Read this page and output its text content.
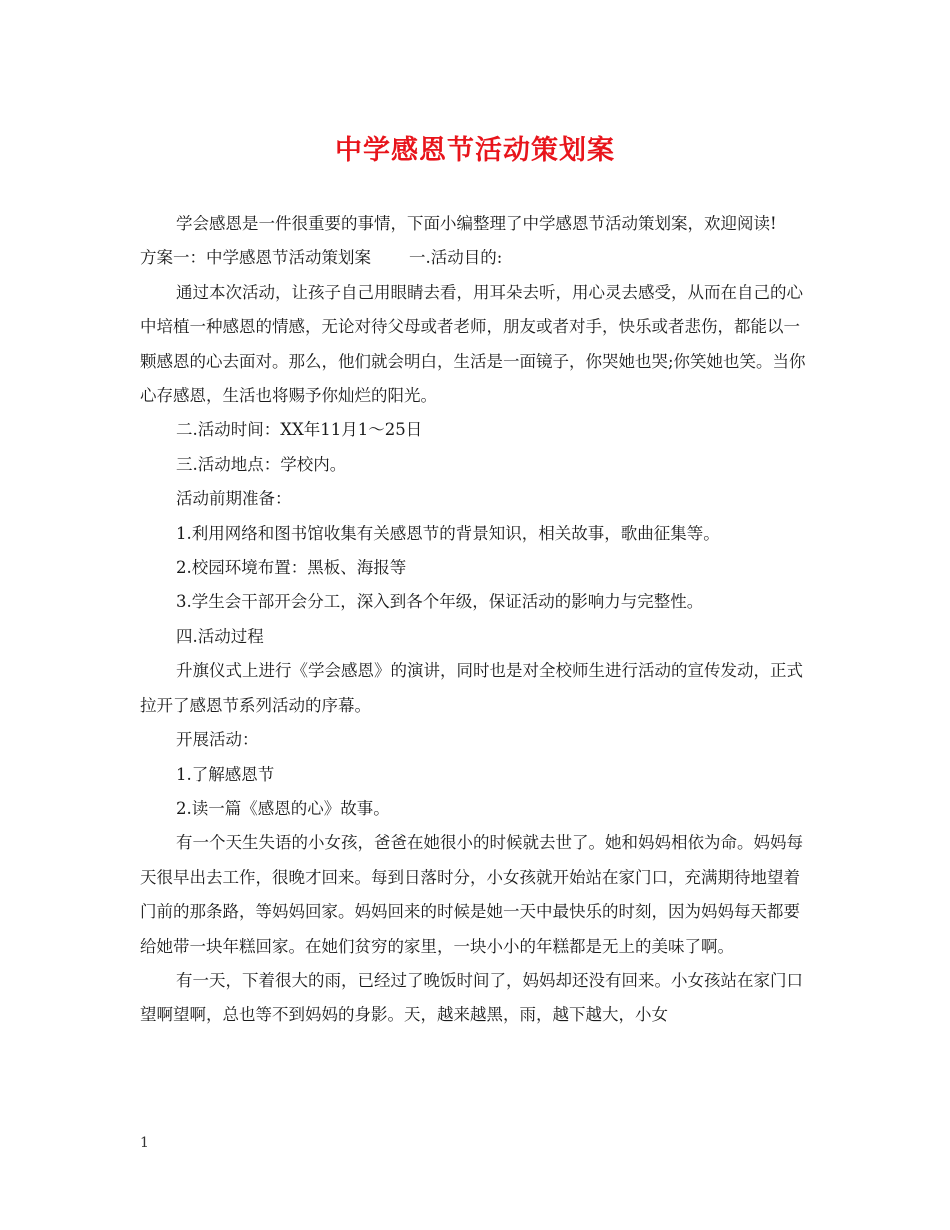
中学感恩节活动策划案

学会感恩是一件很重要的事情，下面小编整理了中学感恩节活动策划案，欢迎阅读!

方案一：中学感恩节活动策划案 一.活动目的:

通过本次活动，让孩子自己用眼睛去看，用耳朵去听，用心灵去感受，从而在自己的心中培植一种感恩的情感，无论对待父母或者老师，朋友或者对手，快乐或者悲伤，都能以一颗感恩的心去面对。那么，他们就会明白，生活是一面镜子，你哭她也哭;你笑她也笑。当你心存感恩，生活也将赐予你灿烂的阳光。

二.活动时间：XX年11月1～25日

三.活动地点：学校内。

活动前期准备：

1.利用网络和图书馆收集有关感恩节的背景知识，相关故事，歌曲征集等。

2.校园环境布置：黑板、海报等

3.学生会干部开会分工，深入到各个年级，保证活动的影响力与完整性。

四.活动过程

升旗仪式上进行《学会感恩》的演讲，同时也是对全校师生进行活动的宣传发动，正式拉开了感恩节系列活动的序幕。

开展活动：

1.了解感恩节

2.读一篇《感恩的心》故事。

有一个天生失语的小女孩，爸爸在她很小的时候就去世了。她和妈妈相依为命。妈妈每天很早出去工作，很晚才回来。每到日落时分，小女孩就开始站在家门口，充满期待地望着门前的那条路，等妈妈回家。妈妈回来的时候是她一天中最快乐的时刻，因为妈妈每天都要给她带一块年糕回家。在她们贫穷的家里，一块小小的年糕都是无上的美味了啊。

有一天，下着很大的雨，已经过了晚饭时间了，妈妈却还没有回来。小女孩站在家门口望啊望啊，总也等不到妈妈的身影。天，越来越黑，雨，越下越大，小女

1
